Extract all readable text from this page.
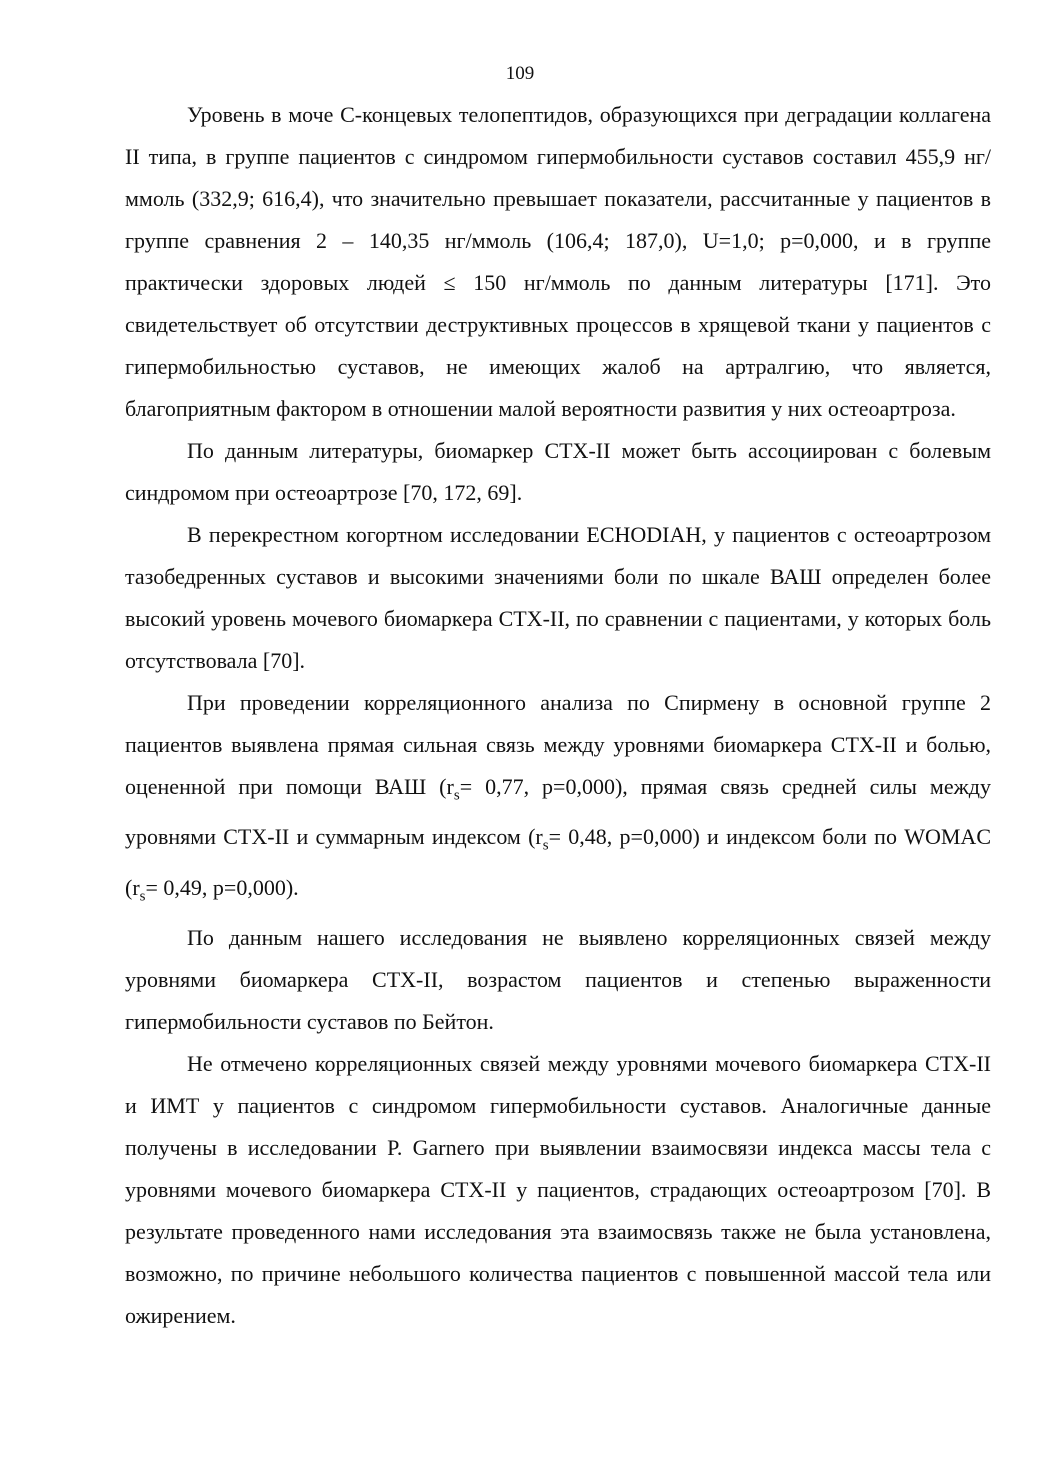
109

Уровень в моче С-концевых телопептидов, образующихся при деградации коллагена II типа, в группе пациентов с синдромом гипермобильности суставов составил 455,9 нг/ммоль (332,9; 616,4), что значительно превышает показатели, рассчитанные у пациентов в группе сравнения 2 – 140,35 нг/ммоль (106,4; 187,0), U=1,0; p=0,000, и в группе практически здоровых людей ≤ 150 нг/ммоль по данным литературы [171]. Это свидетельствует об отсутствии деструктивных процессов в хрящевой ткани у пациентов с гипермобильностью суставов, не имеющих жалоб на артралгию, что является, благоприятным фактором в отношении малой вероятности развития у них остеоартроза.

По данным литературы, биомаркер СТХ-II может быть ассоциирован с болевым синдромом при остеоартрозе [70, 172, 69].

В перекрестном когортном исследовании ECHODIAH, у пациентов с остеоартрозом тазобедренных суставов и высокими значениями боли по шкале ВАШ определен более высокий уровень мочевого биомаркера СТХ-II, по сравнении с пациентами, у которых боль отсутствовала [70].

При проведении корреляционного анализа по Спирмену в основной группе 2 пациентов выявлена прямая сильная связь между уровнями биомаркера СТХ-II и болью, оцененной при помощи ВАШ ($r_s= 0,77$, p=0,000), прямая связь средней силы между уровнями СТХ-II и суммарным индексом ($r_s= 0,48$, p=0,000) и индексом боли по WOMAC ($r_s= 0,49$, p=0,000).

По данным нашего исследования не выявлено корреляционных связей между уровнями биомаркера СТХ-II, возрастом пациентов и степенью выраженности гипермобильности суставов по Бейтон.

Не отмечено корреляционных связей между уровнями мочевого биомаркера СТХ-II и ИМТ у пациентов с синдромом гипермобильности суставов. Аналогичные данные получены в исследовании P. Garnero при выявлении взаимосвязи индекса массы тела с уровнями мочевого биомаркера СТХ-II у пациентов, страдающих остеоартрозом [70]. В результате проведенного нами исследования эта взаимосвязь также не была установлена, возможно, по причине небольшого количества пациентов с повышенной массой тела или ожирением.
